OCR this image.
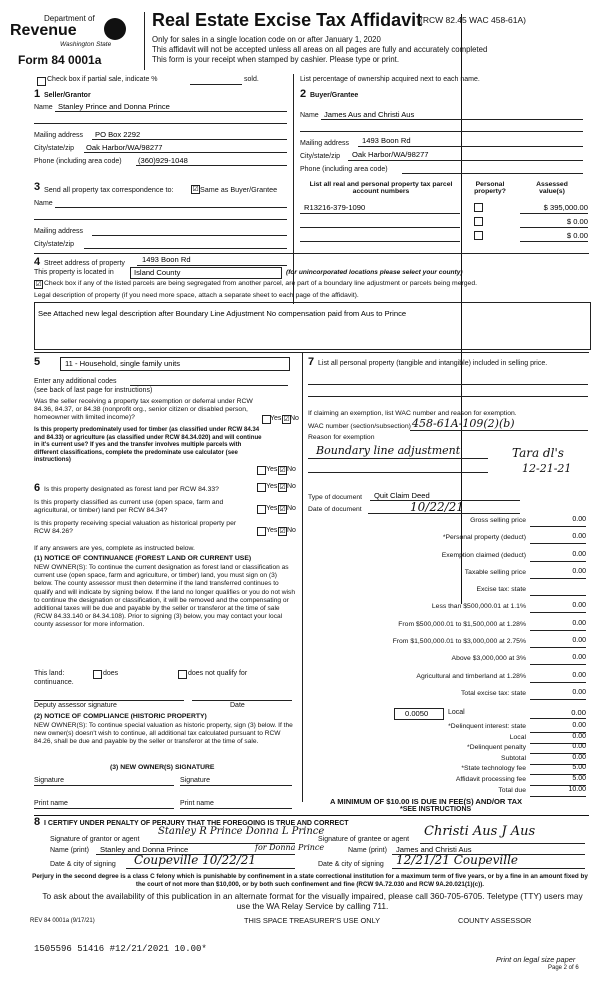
Department of
Revenue
Washington State
Form 84 0001a
Real Estate Excise Tax Affidavit
(RCW 82.45 WAC 458-61A)
Only for sales in a single location code on or after January 1, 2020
This affidavit will not be accepted unless all areas on all pages are fully and accurately completed
This form is your receipt when stamped by cashier. Please type or print.
Check box if partial sale, indicate %	sold.	List percentage of ownership acquired next to each name.
1 Seller/Grantor
Name Stanley Prince and Donna Prince
Mailing address PO Box 2292
City/state/zip Oak Harbor/WA/98277
Phone (including area code) (360)929-1048
2 Buyer/Grantee
Name James Aus and Christi Aus
Mailing address 1493 Boon Rd
City/state/zip Oak Harbor/WA/98277
Phone (including area code)
3 Send all property tax correspondence to:	☑ Same as Buyer/Grantee
Name
Mailing address
City/state/zip
List all real and personal property tax parcel account numbers
Personal property?
Assessed value(s)
R13216-379-1090	$ 395,000.00
$ 0.00
$ 0.00
4 Street address of property 1493 Boon Rd
This property is located in	Island County	(for unincorporated locations please select your county)
☑ Check box if any of the listed parcels are being segregated from another parcel, are part of a boundary line adjustment or parcels being merged.
Legal description of property (if you need more space, attach a separate sheet to each page of the affidavit).
See Attached new legal description after Boundary Line Adjustment No compensation paid from Aus to Prince
5	11 - Household, single family units
Enter any additional codes
(see back of last page for instructions)
Was the seller receiving a property tax exemption or deferral under RCW 84.36, 84.37, or 84.38 (nonprofit org., senior citizen or disabled person, homeowner with limited income)?	Yes ☑ No
Is this property predominately used for timber (as classified under RCW 84.34 and 84.33) or agriculture (as classified under RCW 84.34.020) and will continue in it's current use? If yes and the transfer involves multiple parcels with different classifications, complete the predominate use calculator (see instructions)
Yes ☑ No
7 List all personal property (tangible and intangible) included in selling price.
If claiming an exemption, list WAC number and reason for exemption.
WAC number (section/subsection) 458-61A-109(2)(b)
Reason for exemption
Boundary line adjustment	Tara dl's
12-21-21
Type of document Quit Claim Deed
Date of document	10/22/21
6 Is this property designated as forest land per RCW 84.33?	Yes ☑ No
Is this property classified as current use (open space, farm and agricultural, or timber) land per RCW 84.34?	Yes ☑ No
Is this property receiving special valuation as historical property per RCW 84.26?	Yes ☑ No
If any answers are yes, complete as instructed below.
(1) NOTICE OF CONTINUANCE (FOREST LAND OR CURRENT USE)
NEW OWNER(S): To continue the current designation as forest land or classification as current use (open space, farm and agriculture, or timber) land, you must sign on (3) below. The county assessor must then determine if the land transferred continues to qualify and will indicate by signing below. If the land no longer qualifies or you do not wish to continue the designation or classification, it will be removed and the compensating or additional taxes will be due and payable by the seller or transferor at the time of sale (RCW 84.33.140 or 84.34.108). Prior to signing (3) below, you may contact your local county assessor for more information.
This land:	does	does not qualify for
continuance.
Deputy assessor signature	Date
(2) NOTICE OF COMPLIANCE (HISTORIC PROPERTY)
NEW OWNER(S): To continue special valuation as historic property, sign (3) below. If the new owner(s) doesn't wish to continue, all additional tax calculated pursuant to RCW 84.26, shall be due and payable by the seller or transferor at the time of sale.
(3) NEW OWNER(S) SIGNATURE
Signature	Signature
Print name	Print name
Gross selling price	0.00
*Personal property (deduct)	0.00
Exemption claimed (deduct)	0.00
Taxable selling price	0.00
Excise tax: state
Less than $500,000.01 at 1.1%	0.00
From $500,000.01 to $1,500,000 at 1.28%	0.00
From $1,500,000.01 to $3,000,000 at 2.75%	0.00
Above $3,000,000 at 3%	0.00
Agricultural and timberland at 1.28%	0.00
Total excise tax: state	0.00
0.0050	Local	0.00
*Delinquent interest: state	0.00
Local	0.00
*Delinquent penalty	0.00
Subtotal	0.00
*State technology fee	5.00
Affidavit processing fee	5.00
Total due	10.00
A MINIMUM OF $10.00 IS DUE IN FEE(S) AND/OR TAX
*SEE INSTRUCTIONS
8 I CERTIFY UNDER PENALTY OF PERJURY THAT THE FOREGOING IS TRUE AND CORRECT
Signature of grantor or agent
Stanley R Prince Donna L Prince
Signature of grantee or agent
Christi Aus J Aus
Name (print) Stanley and Donna Prince	for Donna Prince	Name (print) James and Christi Aus
Date & city of signing Coupeville 10/22/21	Date & city of signing 12/21/21 Coupeville
Perjury in the second degree is a class C felony which is punishable by confinement in a state correctional institution for a maximum term of five years, or by a fine in an amount fixed by the court of not more than $10,000, or by both such confinement and fine (RCW 9A.72.030 and RCW 9A.20.021(1)(c)).
To ask about the availability of this publication in an alternate format for the visually impaired, please call 360-705-6705. Teletype (TTY) users may use the WA Relay Service by calling 711.
REV 84 0001a (9/17/21)	THIS SPACE TREASURER'S USE ONLY	COUNTY ASSESSOR
1505596 51416 #12/21/2021 10.00*
Print on legal size paper
Page 2 of 6
